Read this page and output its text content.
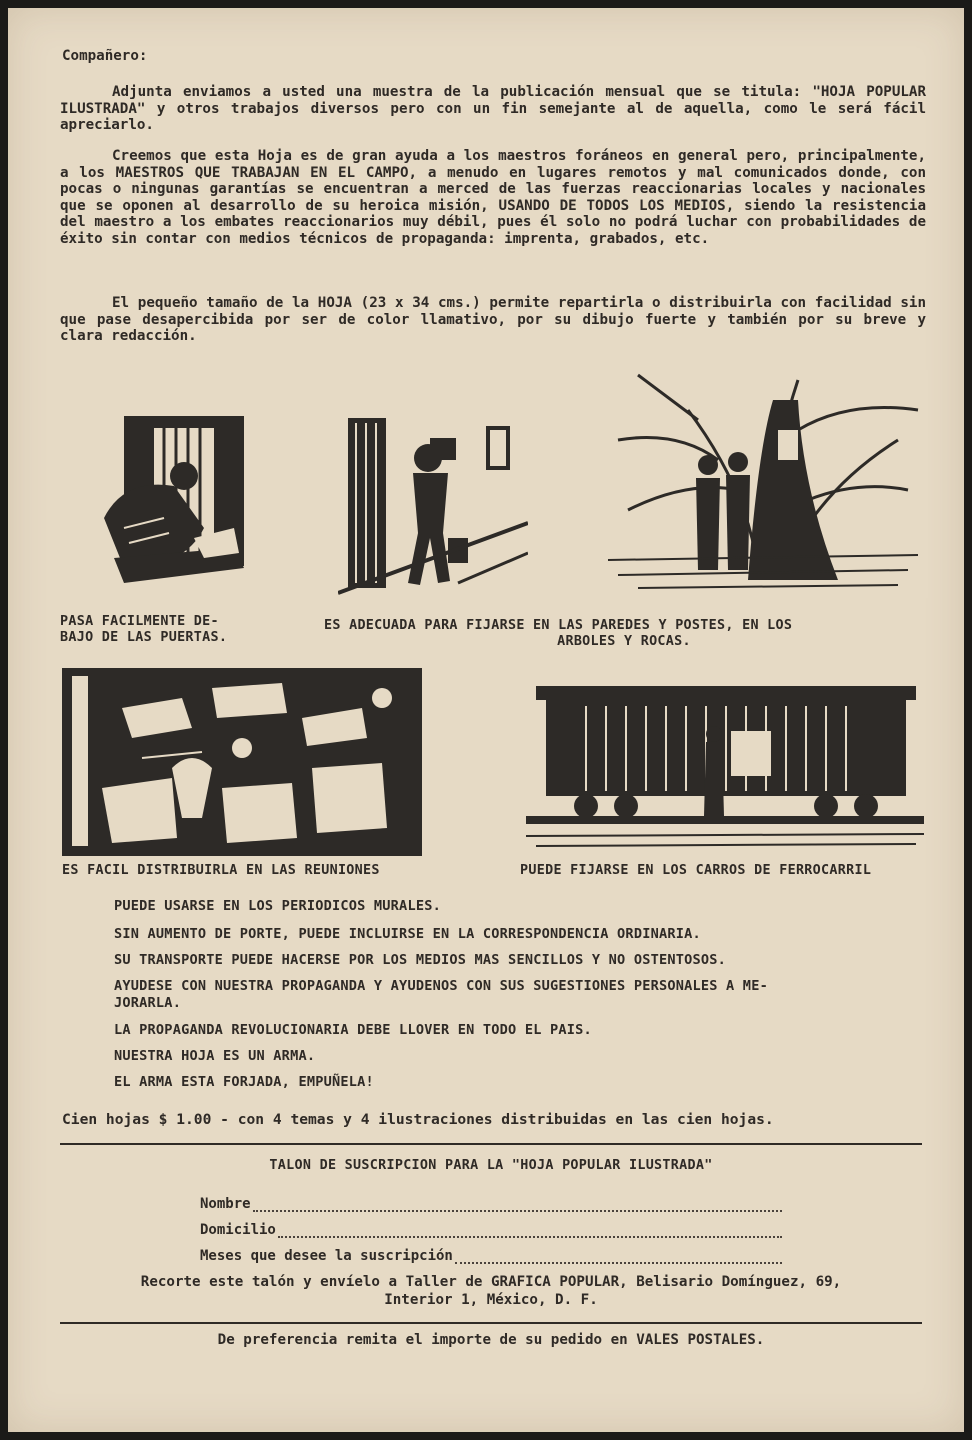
Compañero:
Adjunta enviamos a usted una muestra de la publicación mensual que se titula: "HOJA POPULAR ILUSTRADA" y otros trabajos diversos pero con un fin semejante al de aquella, como le será fácil apreciarlo.
Creemos que esta Hoja es de gran ayuda a los maestros foráneos en general pero, principalmente, a los MAESTROS QUE TRABAJAN EN EL CAMPO, a menudo en lugares remotos y mal comunicados donde, con pocas o ningunas garantías se encuentran a merced de las fuerzas reaccionarias locales y nacionales que se oponen al desarrollo de su heroica misión, USANDO DE TODOS LOS MEDIOS, siendo la resistencia del maestro a los embates reaccionarios muy débil, pues él solo no podrá luchar con probabilidades de éxito sin contar con medios técnicos de propaganda: imprenta, grabados, etc.
El pequeño tamaño de la HOJA (23 x 34 cms.) permite repartirla o distribuirla con facilidad sin que pase desapercibida por ser de color llamativo, por su dibujo fuerte y también por su breve y clara redacción.
PASA FACILMENTE DE-
BAJO DE LAS PUERTAS.
ES ADECUADA PARA FIJARSE EN LAS PAREDES Y POSTES, EN LOS
ARBOLES Y ROCAS.
ES FACIL DISTRIBUIRLA EN LAS REUNIONES	PUEDE FIJARSE EN LOS CARROS DE FERROCARRIL
PUEDE USARSE EN LOS PERIODICOS MURALES.
SIN AUMENTO DE PORTE, PUEDE INCLUIRSE EN LA CORRESPONDENCIA ORDINARIA.
SU TRANSPORTE PUEDE HACERSE POR LOS MEDIOS MAS SENCILLOS Y NO OSTENTOSOS.
AYUDESE CON NUESTRA PROPAGANDA Y AYUDENOS CON SUS SUGESTIONES PERSONALES A ME-
JORARLA.
LA PROPAGANDA REVOLUCIONARIA DEBE LLOVER EN TODO EL PAIS.
NUESTRA HOJA ES UN ARMA.
EL ARMA ESTA FORJADA, EMPUÑELA!
Cien hojas $ 1.00 - con 4 temas y 4 ilustraciones distribuidas en las cien hojas.
TALON DE SUSCRIPCION PARA LA "HOJA POPULAR ILUSTRADA"
Nombre
Domicilio
Meses que desee la suscripción
Recorte este talón y envíelo a Taller de GRAFICA POPULAR, Belisario Domínguez, 69,
Interior 1, México, D. F.
De preferencia remita el importe de su pedido en VALES POSTALES.
